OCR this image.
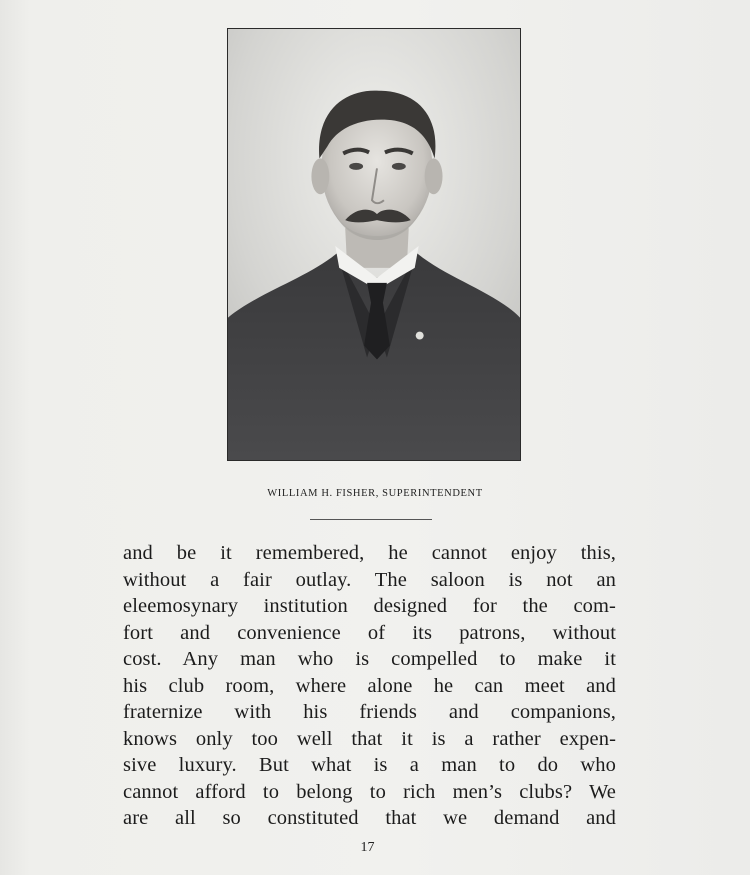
WILLIAM H. FISHER, SUPERINTENDENT
and be it remembered, he cannot enjoy this,
without a fair outlay. The saloon is not an
eleemosynary institution designed for the com-
fort and convenience of its patrons, without
cost. Any man who is compelled to make it
his club room, where alone he can meet and
fraternize with his friends and companions,
knows only too well that it is a rather expen-
sive luxury. But what is a man to do who
cannot afford to belong to rich men’s clubs? We
are all so constituted that we demand and
17
